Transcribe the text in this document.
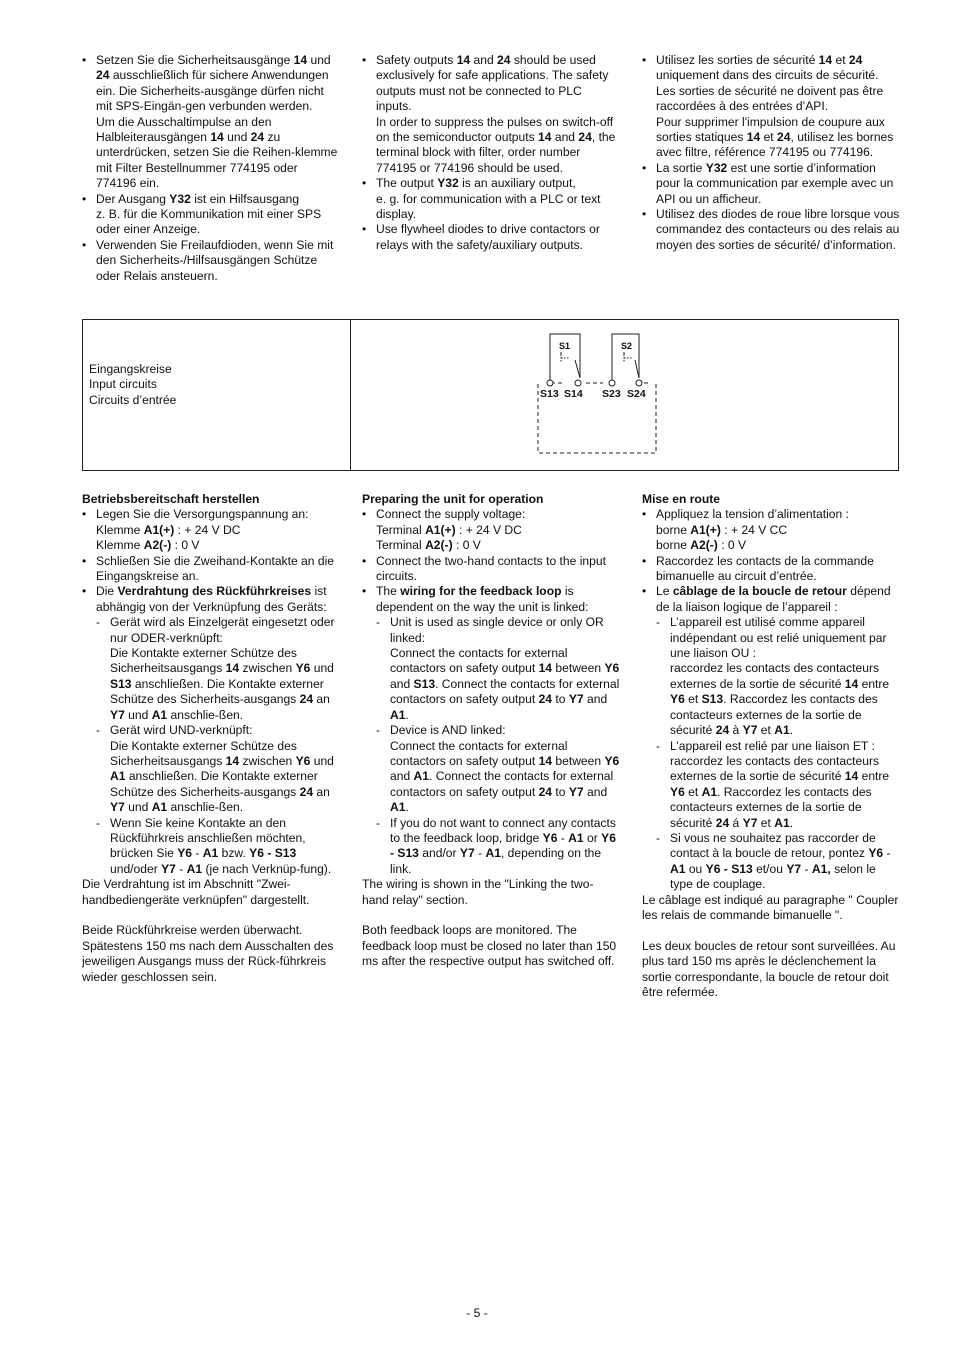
• Setzen Sie die Sicherheitsausgänge 14 und 24 ausschließlich für sichere Anwendungen ein. Die Sicherheits-ausgänge dürfen nicht mit SPS-Eingän-gen verbunden werden.
Um die Ausschaltimpulse an den Halbleiterausgängen 14 und 24 zu unterdrücken, setzen Sie die Reihen-klemme mit Filter Bestellnummer 774195 oder 774196 ein.
• Der Ausgang Y32 ist ein Hilfsausgang
z. B. für die Kommunikation mit einer SPS oder einer Anzeige.
• Verwenden Sie Freilaufdioden, wenn Sie mit den Sicherheits-/Hilfsausgängen Schütze oder Relais ansteuern.
• Safety outputs 14 and 24 should be used exclusively for safe applications. The safety outputs must not be connected to PLC inputs.
In order to suppress the pulses on switch-off on the semiconductor outputs 14 and 24, the terminal block with filter, order number 774195 or 774196 should be used.
• The output Y32 is an auxiliary output,
e. g. for communication with a PLC or text display.
• Use flywheel diodes to drive contactors or relays with the safety/auxiliary outputs.
• Utilisez les sorties de sécurité 14 et 24 uniquement dans des circuits de sécurité. Les sorties de sécurité ne doivent pas être raccordées à des entrées d’API.
Pour supprimer l'impulsion de coupure aux sorties statiques 14 et 24, utilisez les bornes avec filtre, référence 774195 ou 774196.
• La sortie Y32 est une sortie d’information pour la communication par exemple avec un API ou un afficheur.
• Utilisez des diodes de roue libre lorsque vous commandez des contacteurs ou des relais au moyen des sorties de sécurité/ d’information.
Eingangskreise
Input circuits
Circuits d’entrée
S1	S2
S13 S14 S23 S24
Betriebsbereitschaft herstellen
• Legen Sie die Versorgungspannung an:
Klemme A1(+) : + 24 V DC
Klemme A2(-) : 0 V
• Schließen Sie die Zweihand-Kontakte an die Eingangskreise an.
• Die Verdrahtung des Rückführkreises ist abhängig von der Verknüpfung des Geräts:
- Gerät wird als Einzelgerät eingesetzt oder nur ODER-verknüpft:
Die Kontakte externer Schütze des Sicherheitsausgangs 14 zwischen Y6 und S13 anschließen. Die Kontakte externer Schütze des Sicherheits-ausgangs 24 an Y7 und A1 anschlie-ßen.
- Gerät wird UND-verknüpft:
Die Kontakte externer Schütze des Sicherheitsausgangs 14 zwischen Y6 und A1 anschließen. Die Kontakte externer Schütze des Sicherheits-ausgangs 24 an Y7 und A1 anschlie-ßen.
- Wenn Sie keine Kontakte an den Rückführkreis anschließen möchten, brücken Sie Y6 - A1 bzw. Y6 - S13 und/oder Y7 - A1 (je nach Verknüp-fung).
Die Verdrahtung ist im Abschnitt "Zwei-handbediengeräte verknüpfen" dargestellt.
Beide Rückführkreise werden überwacht. Spätestens 150 ms nach dem Ausschalten des jeweiligen Ausgangs muss der Rück-führkreis wieder geschlossen sein.
Preparing the unit for operation
• Connect the supply voltage:
Terminal A1(+) : + 24 V DC
Terminal A2(-) : 0 V
• Connect the two-hand contacts to the input circuits.
• The wiring for the feedback loop is dependent on the way the unit is linked:
- Unit is used as single device or only OR linked:
Connect the contacts for external contactors on safety output 14 between Y6 and S13. Connect the contacts for external contactors on safety output 24 to Y7 and A1.
- Device is AND linked:
Connect the contacts for external contactors on safety output 14 between Y6 and A1. Connect the contacts for external contactors on safety output 24 to Y7 and A1.
- If you do not want to connect any contacts to the feedback loop, bridge Y6 - A1 or Y6 - S13 and/or Y7 - A1, depending on the link.
The wiring is shown in the "Linking the two-hand relay" section.
Both feedback loops are monitored. The feedback loop must be closed no later than 150 ms after the respective output has switched off.
Mise en route
• Appliquez la tension d’alimentation :
borne A1(+) : + 24 V CC
borne A2(-) : 0 V
• Raccordez les contacts de la commande bimanuelle au circuit d’entrée.
• Le câblage de la boucle de retour dépend de la liaison logique de l’appareil :
- L’appareil est utilisé comme appareil indépendant ou est relié uniquement par une liaison OU :
raccordez les contacts des contacteurs externes de la sortie de sécurité 14 entre Y6 et S13. Raccordez les contacts des contacteurs externes de la sortie de sécurité 24 à Y7 et A1.
- L’appareil est relié par une liaison ET : raccordez les contacts des contacteurs externes de la sortie de sécurité 14 entre Y6 et A1. Raccordez les contacts des contacteurs externes de la sortie de sécurité 24 á Y7 et A1.
- Si vous ne souhaitez pas raccorder de contact à la boucle de retour, pontez Y6 - A1 ou Y6 - S13 et/ou Y7 - A1, selon le type de couplage.
Le câblage est indiqué au paragraphe " Coupler les relais de commande bimanuelle ".
Les deux boucles de retour sont surveillées. Au plus tard 150 ms après le déclenchement la sortie correspondante, la boucle de retour doit être refermée.
- 5 -
